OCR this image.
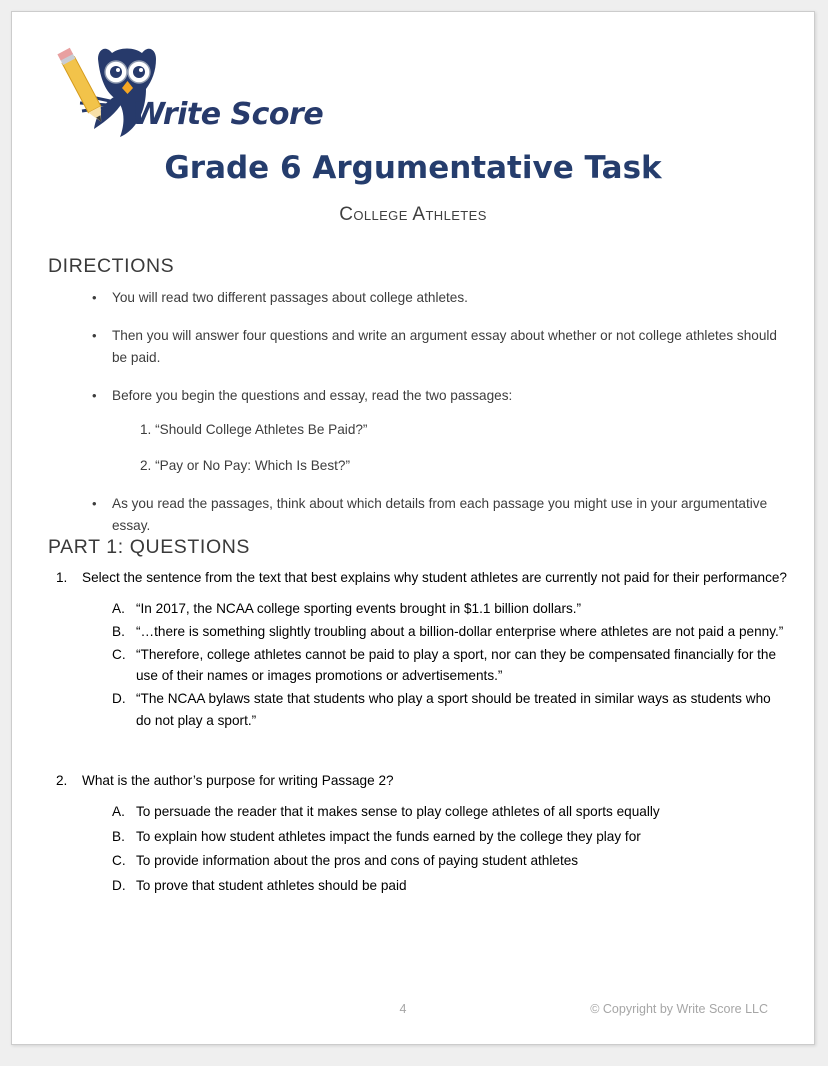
Write Score
Grade 6 Argumentative Task
College Athletes
DIRECTIONS
• You will read two different passages about college athletes.
• Then you will answer four questions and write an argument essay about whether or not college athletes should be paid.
• Before you begin the questions and essay, read the two passages:
1. “Should College Athletes Be Paid?”
2. “Pay or No Pay: Which Is Best?”
• As you read the passages, think about which details from each passage you might use in your argumentative essay.
PART 1: QUESTIONS
1. Select the sentence from the text that best explains why student athletes are currently not paid for their performance?
A. “In 2017, the NCAA college sporting events brought in $1.1 billion dollars.”
B. “…there is something slightly troubling about a billion-dollar enterprise where athletes are not paid a penny.”
C. “Therefore, college athletes cannot be paid to play a sport, nor can they be compensated financially for the use of their names or images promotions or advertisements.”
D. “The NCAA bylaws state that students who play a sport should be treated in similar ways as students who do not play a sport.”
2. What is the author’s purpose for writing Passage 2?
A. To persuade the reader that it makes sense to play college athletes of all sports equally
B. To explain how student athletes impact the funds earned by the college they play for
C. To provide information about the pros and cons of paying student athletes
D. To prove that student athletes should be paid
4	© Copyright by Write Score LLC
